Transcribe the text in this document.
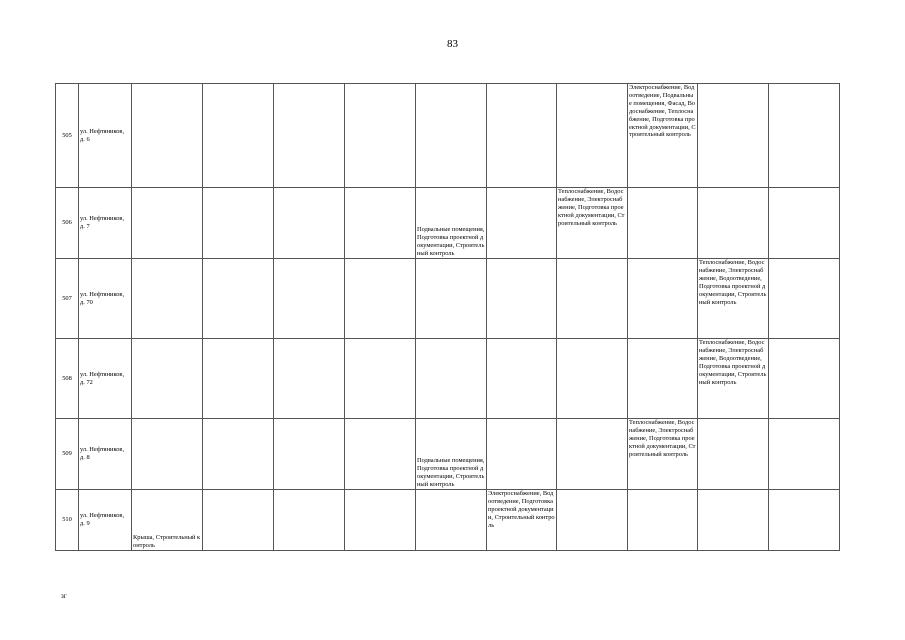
83
505	ул. Нефтяников, д. 6								Электроснабжение, Водоотведение, Подвальные помещения, Фасад, Водоснабжение, Теплоснабжение, Подготовка проектной документации, Строительный контроль		
506	ул. Нефтяников, д. 7					Подвальные помещения, Подготовка проектной документации, Строительный контроль		Теплоснабжение, Водоснабжение, Электроснабжение, Подготовка проектной документации, Строительный контроль			
507	ул. Нефтяников, д. 70									Теплоснабжение, Водоснабжение, Электроснабжение, Водоотведение, Подготовка проектной документации, Строительный контроль	
508	ул. Нефтяников, д. 72									Теплоснабжение, Водоснабжение, Электроснабжение, Водоотведение, Подготовка проектной документации, Строительный контроль	
509	ул. Нефтяников, д. 8					Подвальные помещения, Подготовка проектной документации, Строительный контроль			Теплоснабжение, Водоснабжение, Электроснабжение, Подготовка проектной документации, Строительный контроль		
510	ул. Нефтяников, д. 9	Крыша, Строительный контроль					Электроснабжение, Водоотведение, Подготовка проектной документации, Строительный контроль				
зг
